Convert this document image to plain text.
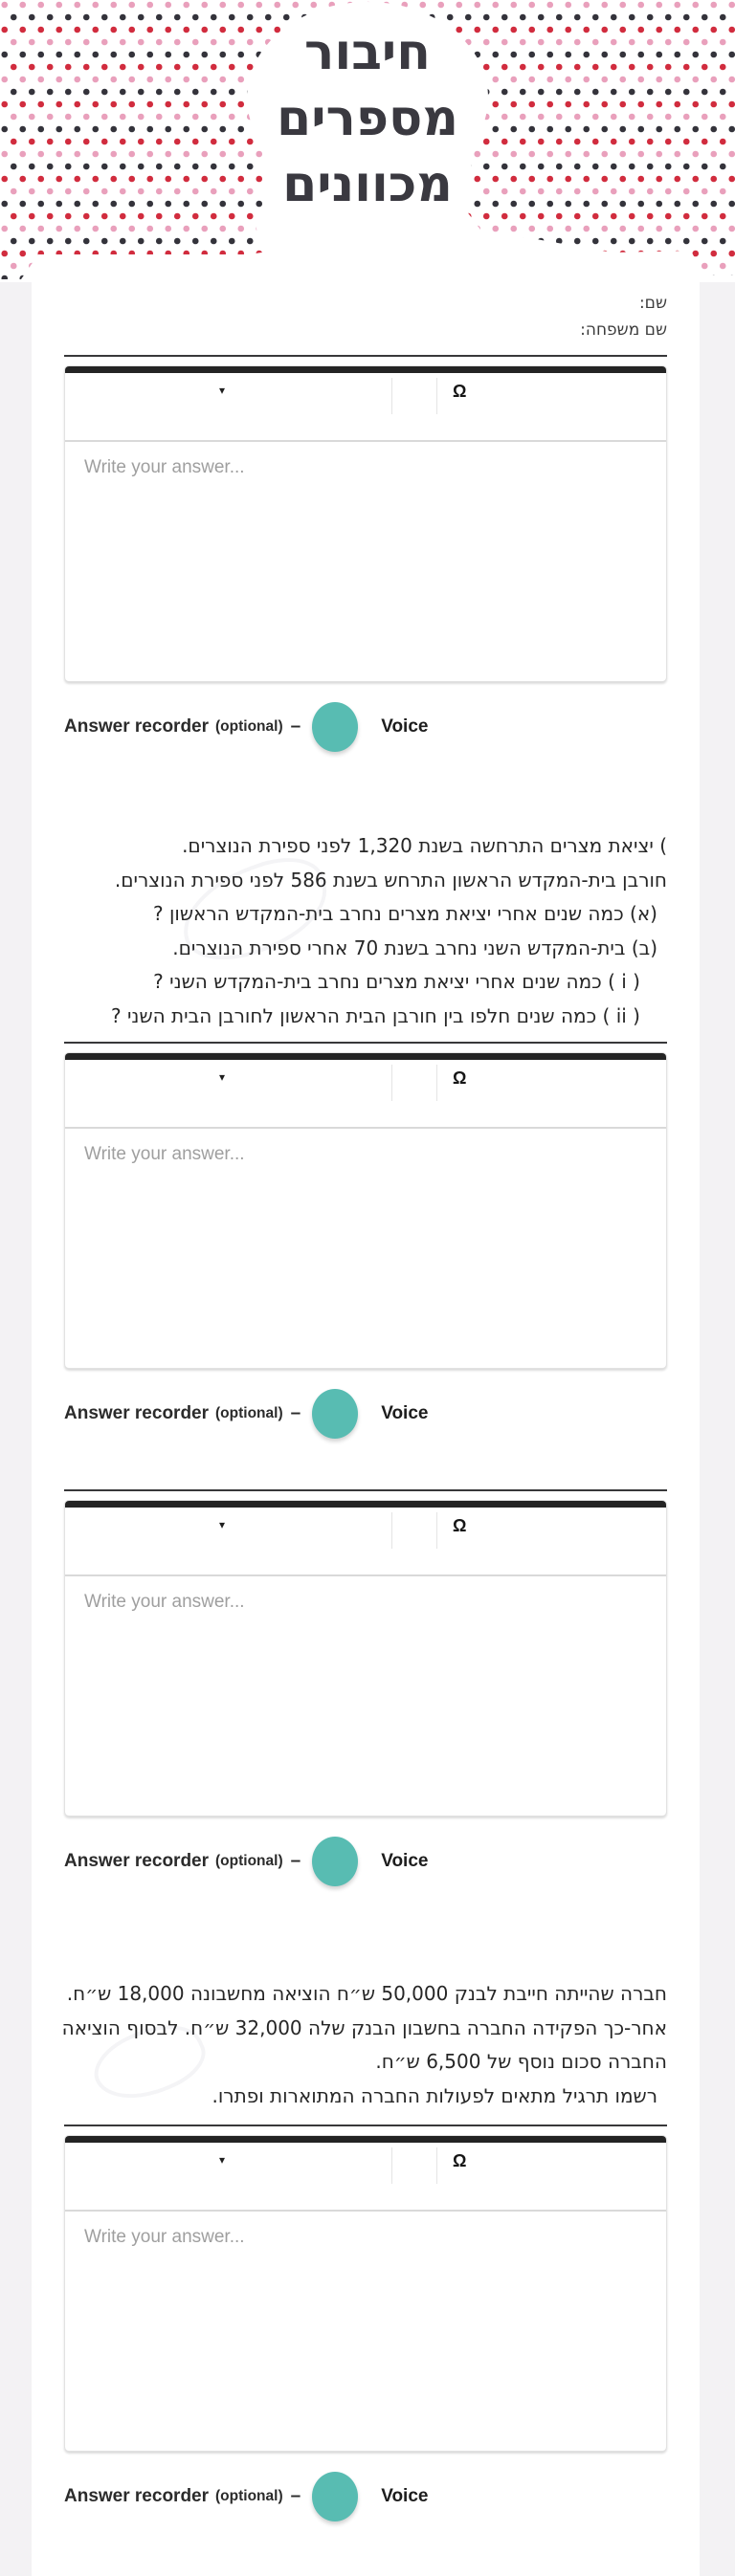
חיבור
מספרים
מכוונים
שם:
שם משפחה:
▾	Ω
Write your answer...
Answer recorder (optional) –	Voice
) יציאת מצרים התרחשה בשנת 1,320 לפני ספירת הנוצרים.
חורבן בית-המקדש הראשון התרחש בשנת 586 לפני ספירת הנוצרים.
(א) כמה שנים אחרי יציאת מצרים נחרב בית-המקדש הראשון ?
(ב) בית-המקדש השני נחרב בשנת 70 אחרי ספירת הנוצרים.
( i ) כמה שנים אחרי יציאת מצרים נחרב בית-המקדש השני ?
( ii ) כמה שנים חלפו בין חורבן הבית הראשון לחורבן הבית השני ?
▾	Ω
Write your answer...
Answer recorder (optional) –	Voice
▾	Ω
Write your answer...
Answer recorder (optional) –	Voice
חברה שהייתה חייבת לבנק 50,000 ש״ח הוציאה מחשבונה 18,000 ש״ח.
אחר-כך הפקידה החברה בחשבון הבנק שלה 32,000 ש״ח. לבסוף הוציאה
החברה סכום נוסף של 6,500 ש״ח.
רשמו תרגיל מתאים לפעולות החברה המתוארות ופתרו.
▾	Ω
Write your answer...
Answer recorder (optional) –	Voice
